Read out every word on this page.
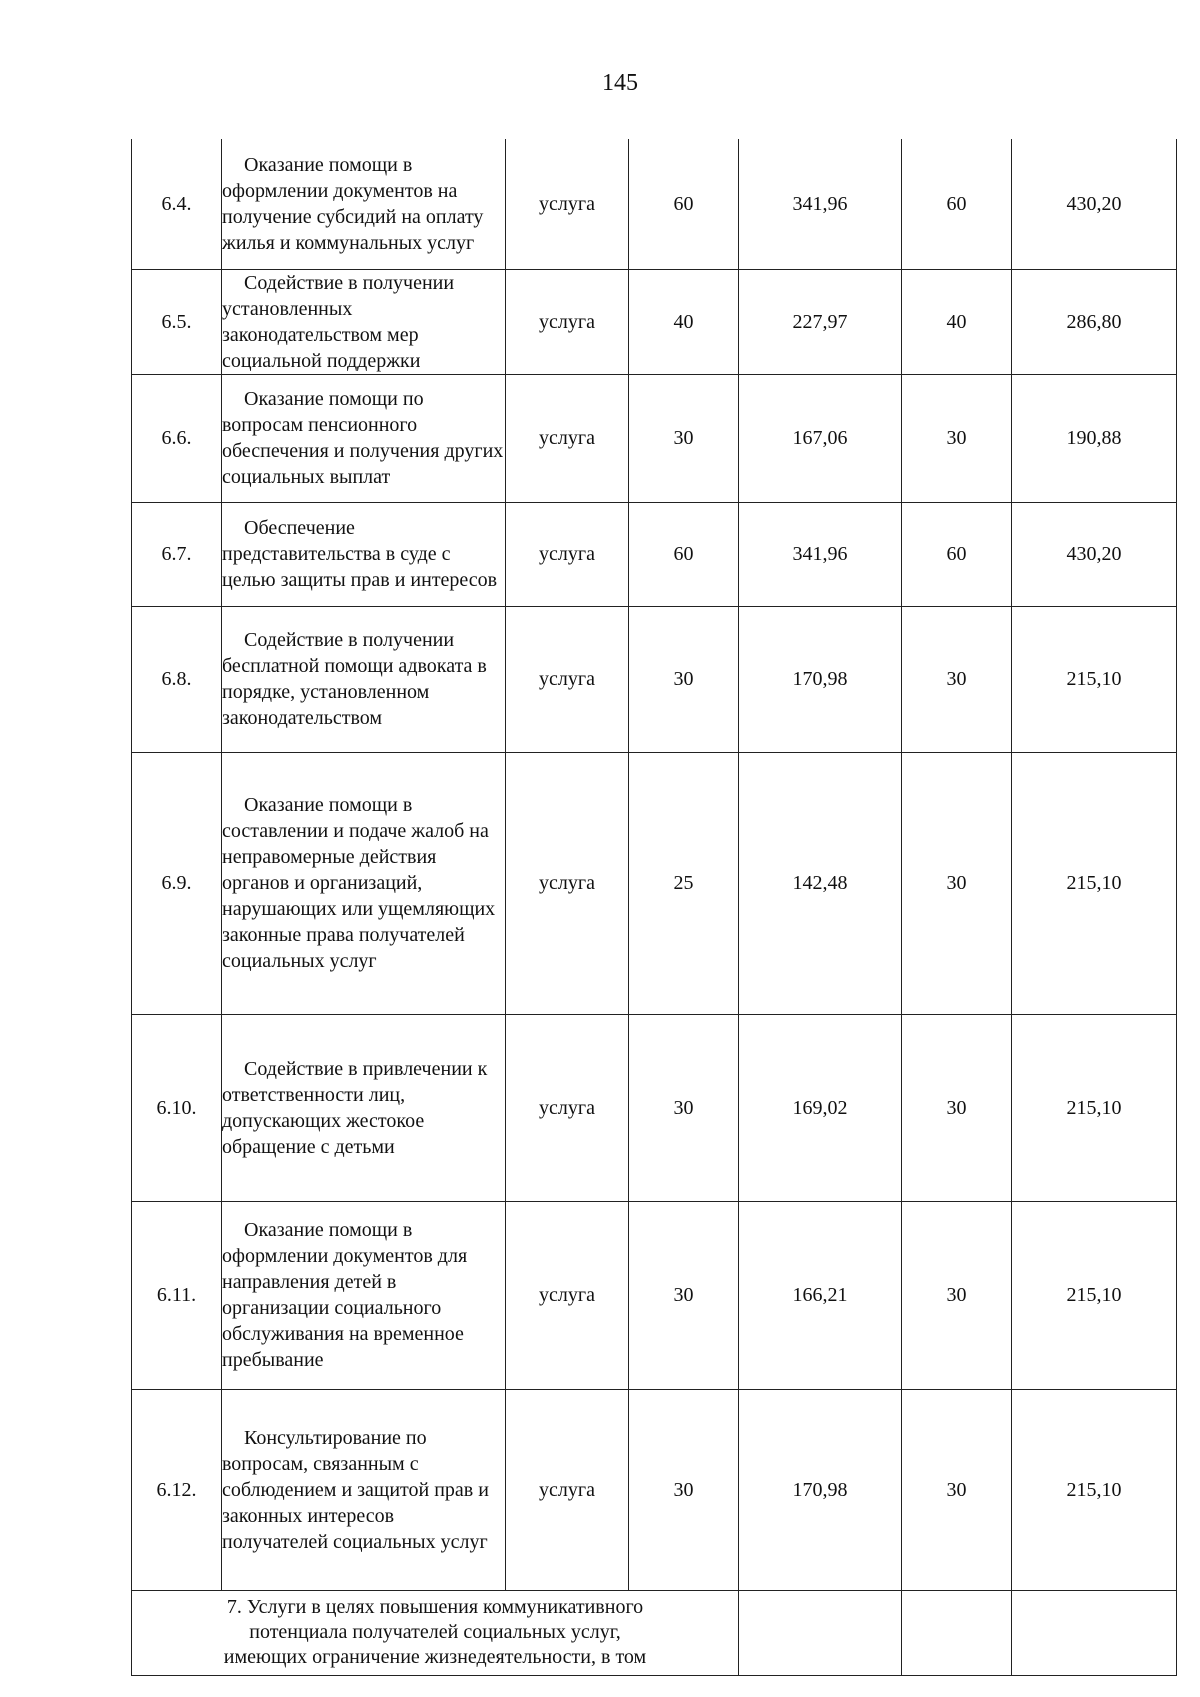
145
6.4.	Оказание помощи в оформлении документов на получение субсидий на оплату жилья и коммунальных услуг	услуга	60	341,96	60	430,20
6.5.	Содействие в получении установленных законодательством мер социальной поддержки	услуга	40	227,97	40	286,80
6.6.	Оказание помощи по вопросам пенсионного обеспечения и получения других социальных выплат	услуга	30	167,06	30	190,88
6.7.	Обеспечение представительства в суде с целью защиты прав и интересов	услуга	60	341,96	60	430,20
6.8.	Содействие в получении бесплатной помощи адвоката в порядке, установленном законодательством	услуга	30	170,98	30	215,10
6.9.	Оказание помощи в составлении и подаче жалоб на неправомерные действия органов и организаций, нарушающих или ущемляющих законные права получателей социальных услуг	услуга	25	142,48	30	215,10
6.10.	Содействие в привлечении к ответственности лиц, допускающих жестокое обращение с детьми	услуга	30	169,02	30	215,10
6.11.	Оказание помощи в оформлении документов для направления детей в организации социального обслуживания на временное пребывание	услуга	30	166,21	30	215,10
6.12.	Консультирование по вопросам, связанным с соблюдением и защитой прав и законных интересов получателей социальных услуг	услуга	30	170,98	30	215,10

7. Услуги в целях повышения коммуникативного
потенциала получателей социальных услуг,
имеющих ограничение жизнедеятельности, в том						
